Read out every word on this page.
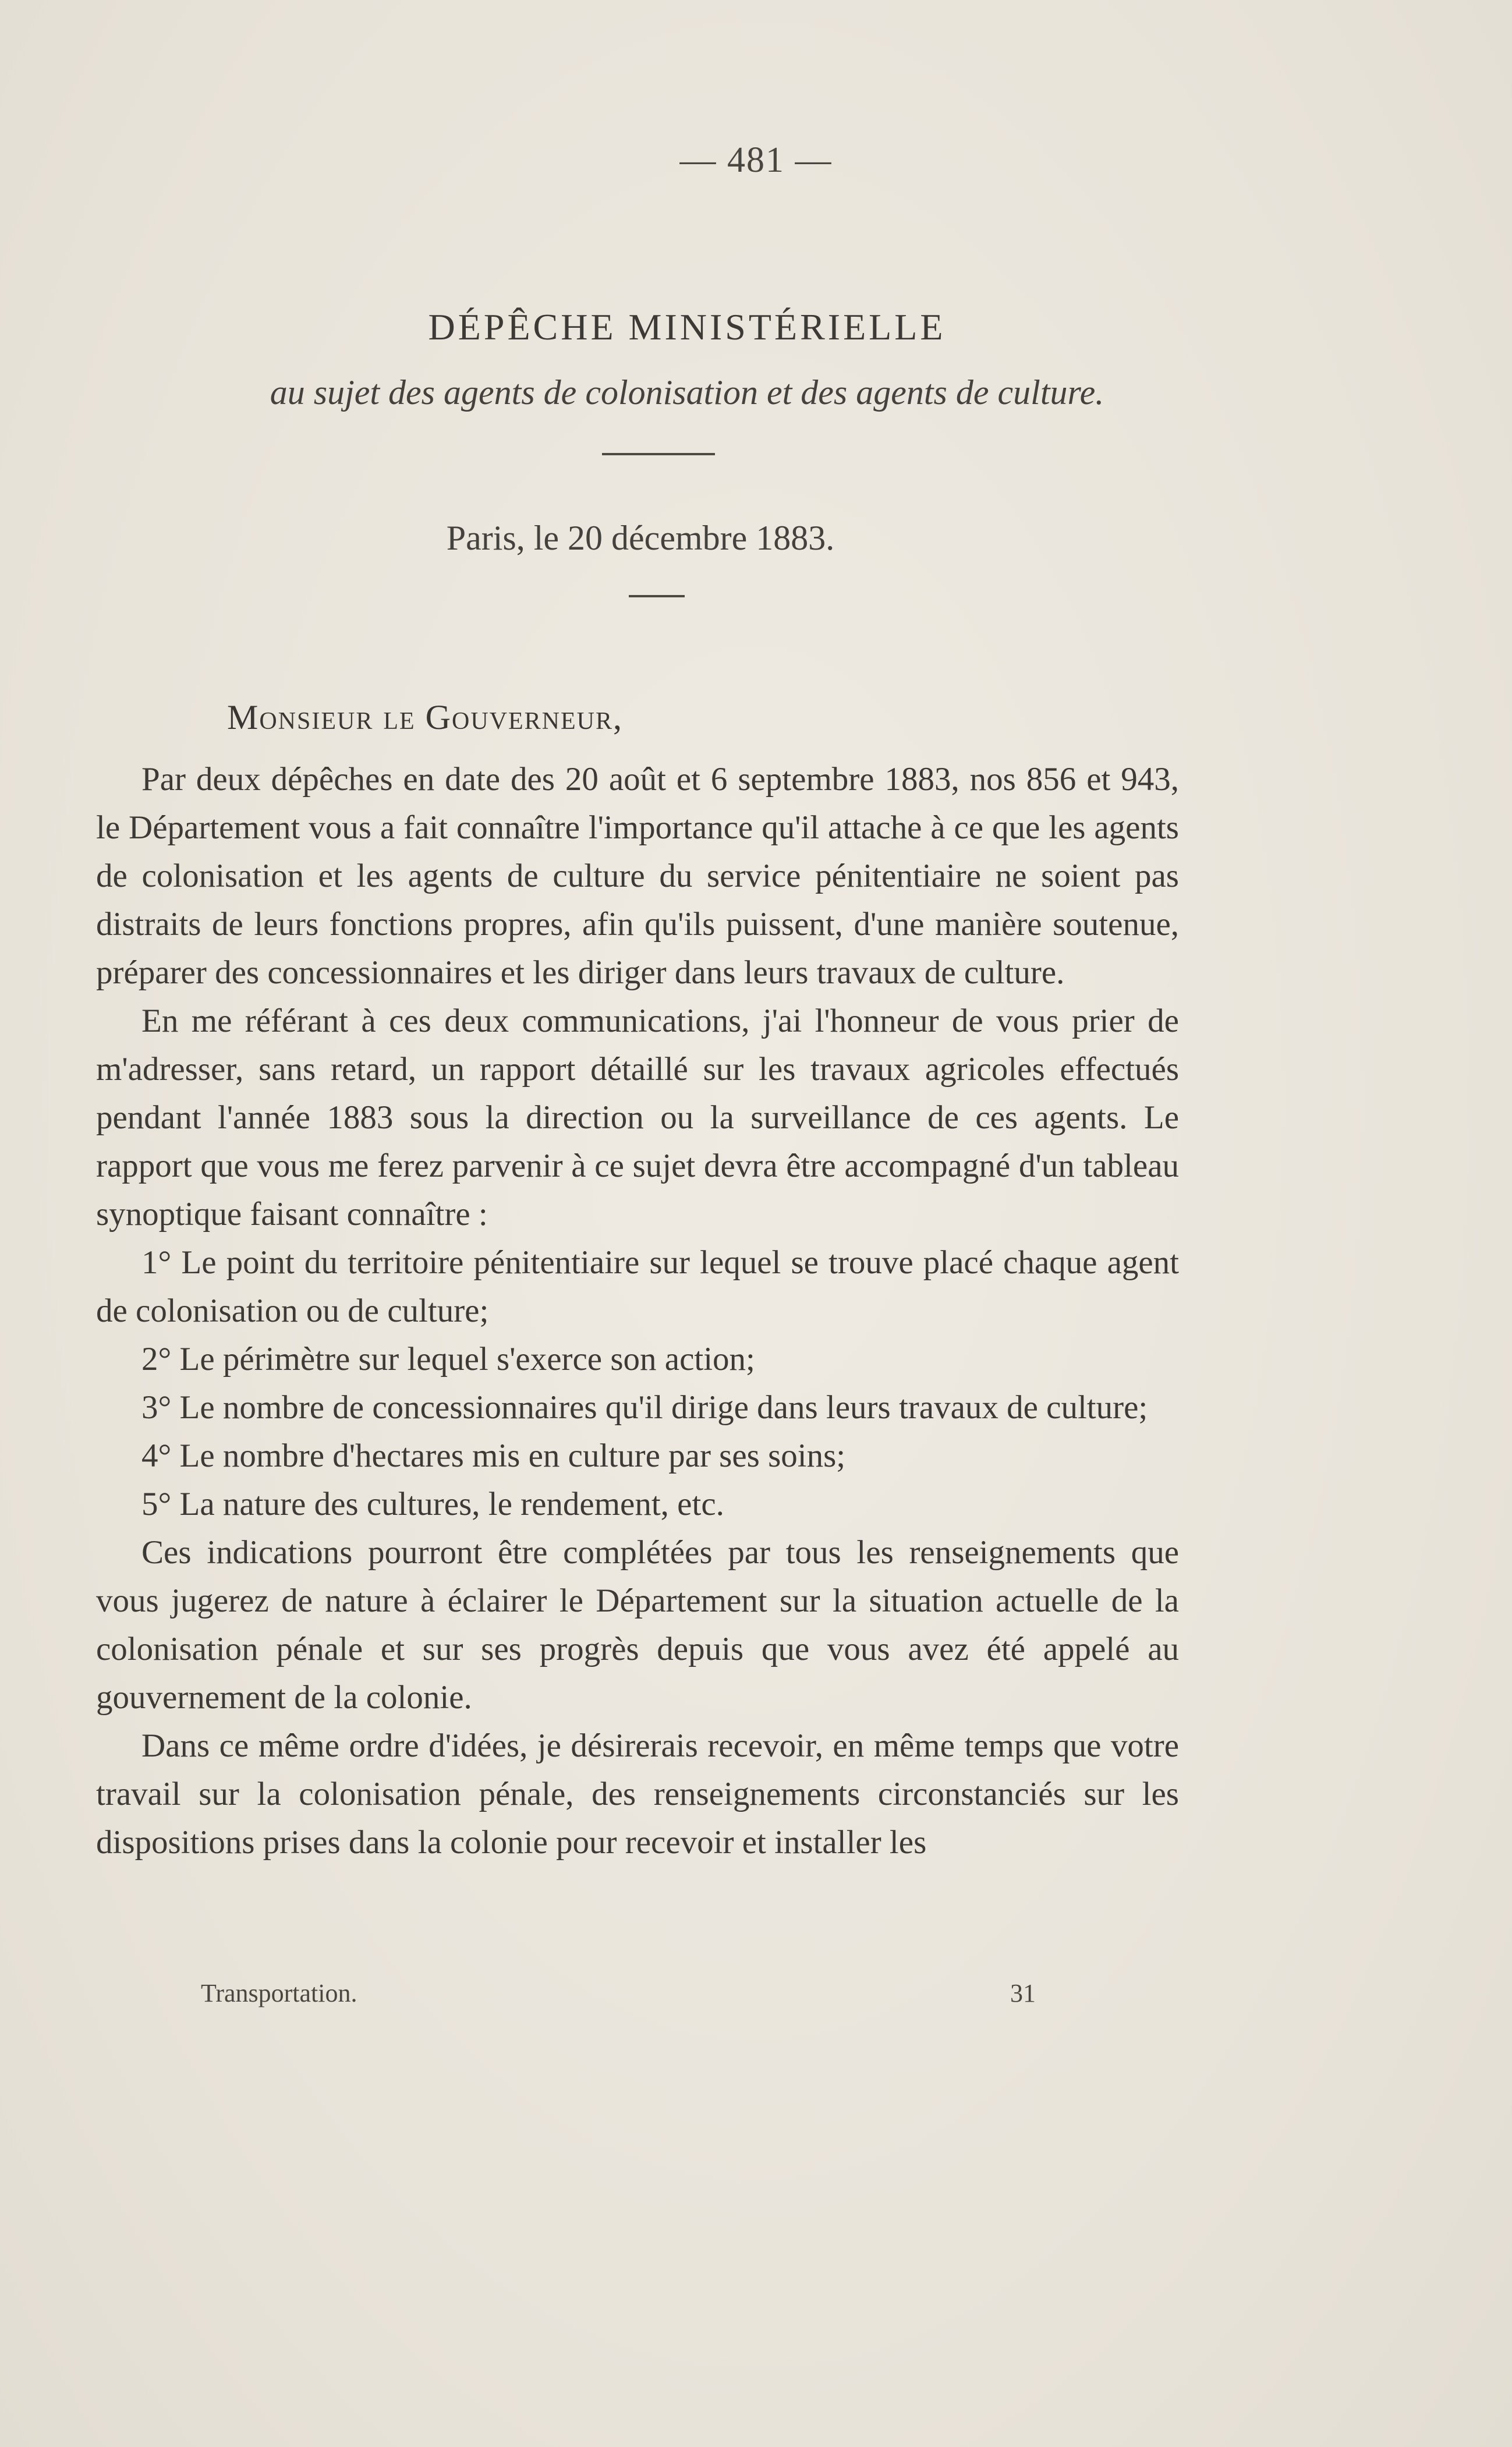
— 481 —
DÉPÊCHE MINISTÉRIELLE
au sujet des agents de colonisation et des agents de culture.
Paris, le 20 décembre 1883.
Monsieur le Gouverneur,

Par deux dépêches en date des 20 août et 6 septembre 1883, nos 856 et 943, le Département vous a fait connaître l'importance qu'il attache à ce que les agents de colonisation et les agents de culture du service pénitentiaire ne soient pas distraits de leurs fonctions propres, afin qu'ils puissent, d'une manière soutenue, préparer des concessionnaires et les diriger dans leurs travaux de culture.

En me référant à ces deux communications, j'ai l'honneur de vous prier de m'adresser, sans retard, un rapport détaillé sur les travaux agricoles effectués pendant l'année 1883 sous la direction ou la surveillance de ces agents. Le rapport que vous me ferez parvenir à ce sujet devra être accompagné d'un tableau synoptique faisant connaître :

1° Le point du territoire pénitentiaire sur lequel se trouve placé chaque agent de colonisation ou de culture;

2° Le périmètre sur lequel s'exerce son action;

3° Le nombre de concessionnaires qu'il dirige dans leurs travaux de culture;

4° Le nombre d'hectares mis en culture par ses soins;

5° La nature des cultures, le rendement, etc.

Ces indications pourront être complétées par tous les renseignements que vous jugerez de nature à éclairer le Département sur la situation actuelle de la colonisation pénale et sur ses progrès depuis que vous avez été appelé au gouvernement de la colonie.

Dans ce même ordre d'idées, je désirerais recevoir, en même temps que votre travail sur la colonisation pénale, des renseignements circonstanciés sur les dispositions prises dans la colonie pour recevoir et installer les

Transportation.	31
